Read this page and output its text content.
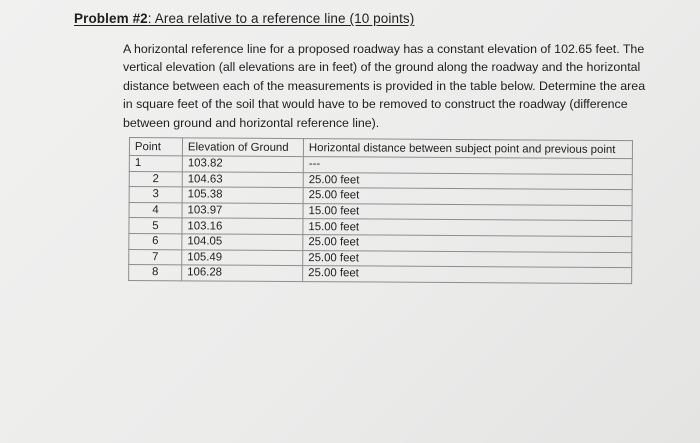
Problem #2: Area relative to a reference line (10 points)

A horizontal reference line for a proposed roadway has a constant elevation of 102.65 feet. The
vertical elevation (all elevations are in feet) of the ground along the roadway and the horizontal
distance between each of the measurements is provided in the table below. Determine the area
in square feet of the soil that would have to be removed to construct the roadway (difference
between ground and horizontal reference line).

Point	Elevation of Ground	Horizontal distance between subject point and previous point
1	103.82	---
2	104.63	25.00 feet
3	105.38	25.00 feet
4	103.97	15.00 feet
5	103.16	15.00 feet
6	104.05	25.00 feet
7	105.49	25.00 feet
8	106.28	25.00 feet
